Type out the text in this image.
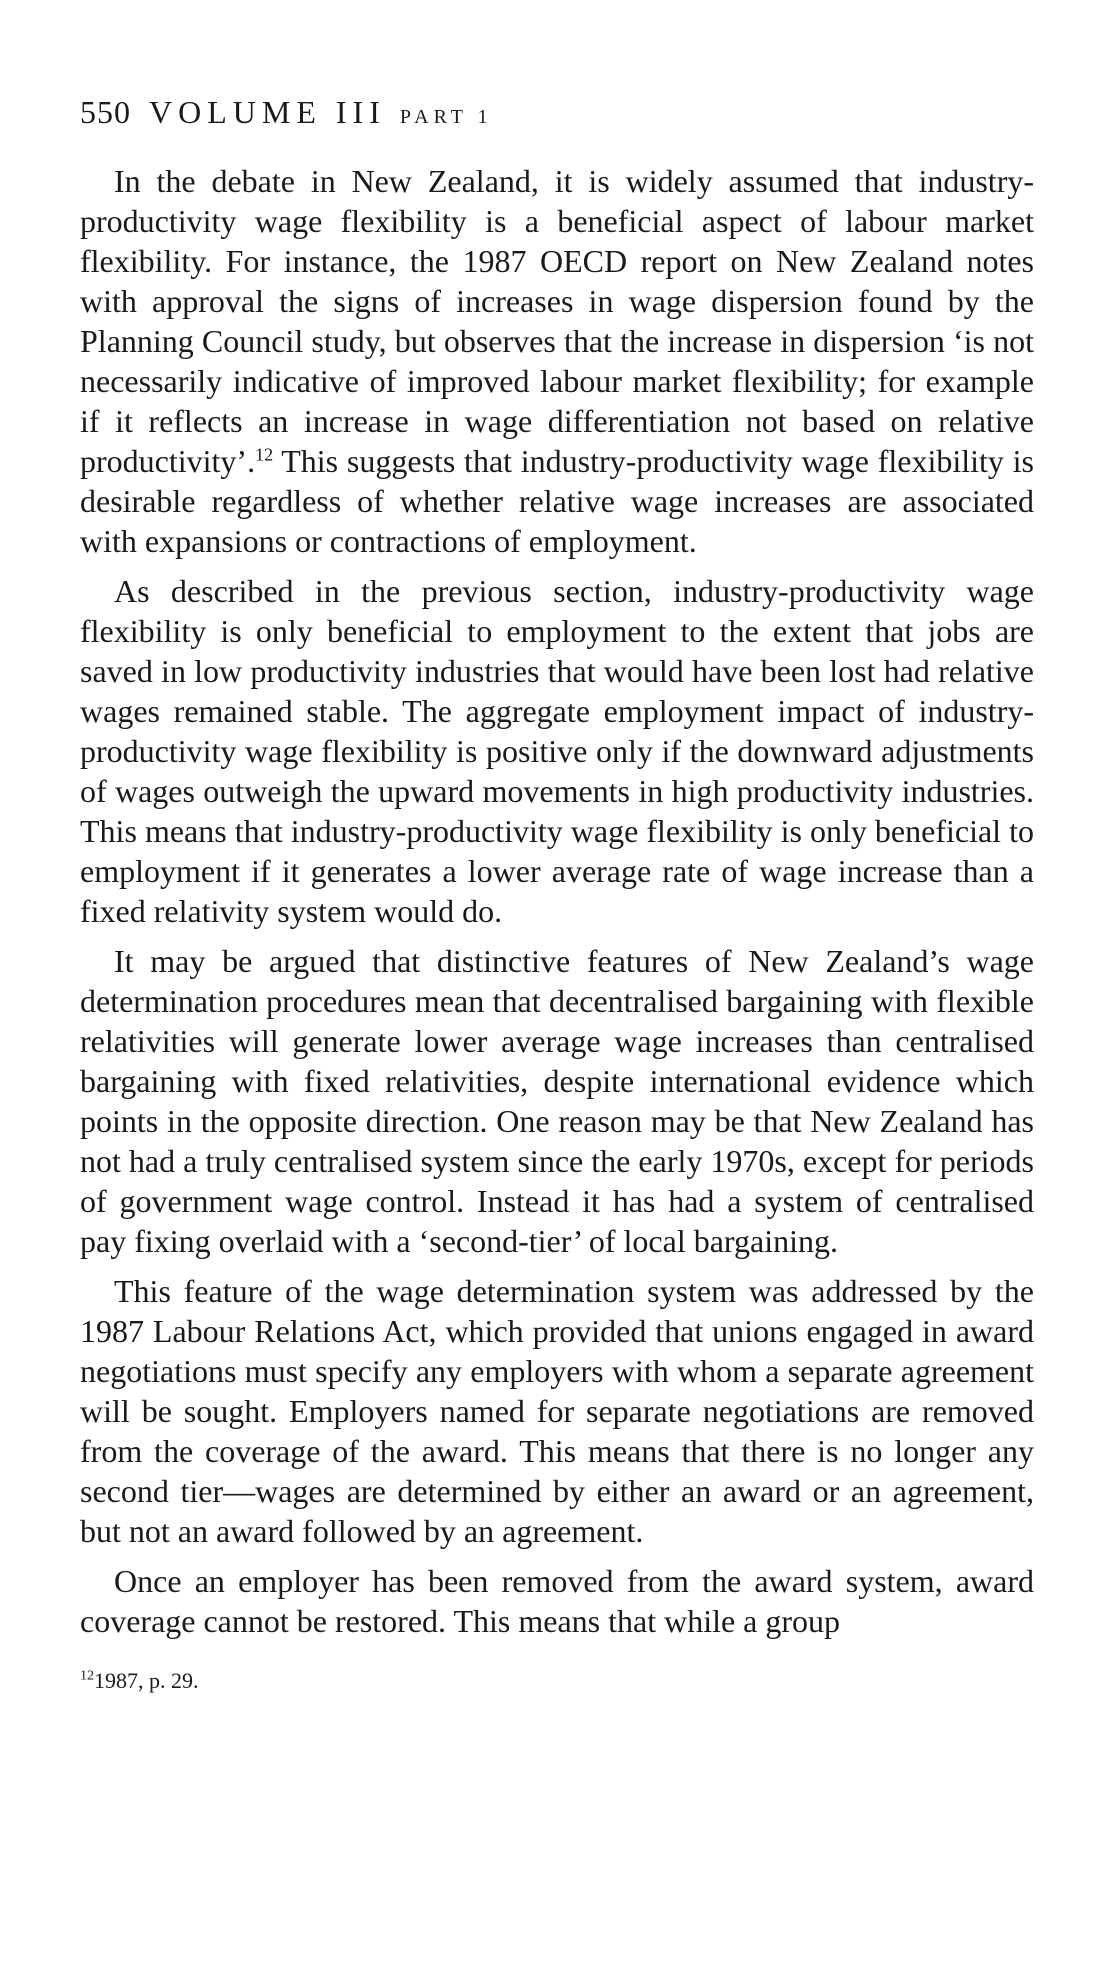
550 VOLUME III PART 1

In the debate in New Zealand, it is widely assumed that industry-productivity wage flexibility is a beneficial aspect of labour market flexibility. For instance, the 1987 OECD report on New Zealand notes with approval the signs of increases in wage dispersion found by the Planning Council study, but observes that the increase in dispersion ‘is not necessarily indicative of improved labour market flexibility; for example if it reflects an increase in wage differentiation not based on relative productivity’.$^{12}$ This suggests that industry-productivity wage flexibility is desirable regardless of whether relative wage increases are associated with expansions or contractions of employment.

As described in the previous section, industry-productivity wage flexibility is only beneficial to employment to the extent that jobs are saved in low productivity industries that would have been lost had relative wages remained stable. The aggregate employment impact of industry-productivity wage flexibility is positive only if the downward adjustments of wages outweigh the upward movements in high productivity industries. This means that industry-productivity wage flexibility is only beneficial to employment if it generates a lower average rate of wage increase than a fixed relativity system would do.

It may be argued that distinctive features of New Zealand’s wage determination procedures mean that decentralised bargaining with flexible relativities will generate lower average wage increases than centralised bargaining with fixed relativities, despite international evidence which points in the opposite direction. One reason may be that New Zealand has not had a truly centralised system since the early 1970s, except for periods of government wage control. Instead it has had a system of centralised pay fixing overlaid with a ‘second-tier’ of local bargaining.

This feature of the wage determination system was addressed by the 1987 Labour Relations Act, which provided that unions engaged in award negotiations must specify any employers with whom a separate agreement will be sought. Employers named for separate negotiations are removed from the coverage of the award. This means that there is no longer any second tier—wages are determined by either an award or an agreement, but not an award followed by an agreement.

Once an employer has been removed from the award system, award coverage cannot be restored. This means that while a group

$^{12}$1987, p. 29.
